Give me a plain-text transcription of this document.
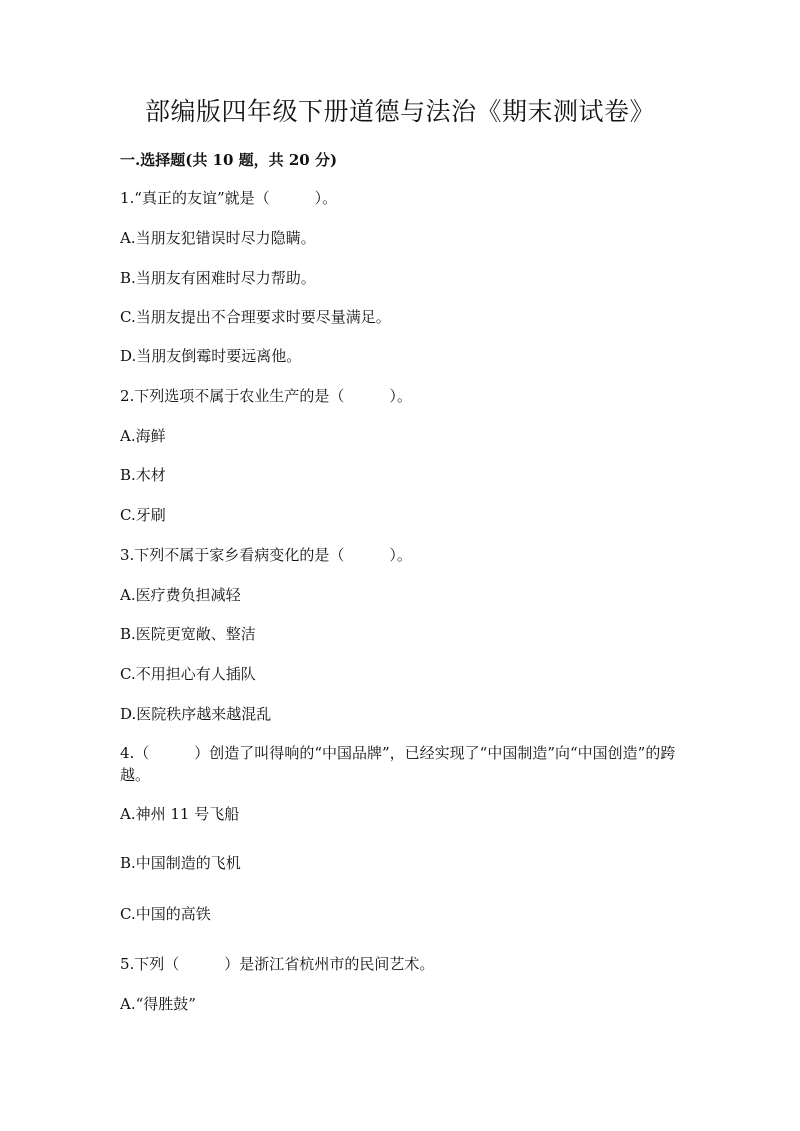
部编版四年级下册道德与法治《期末测试卷》
一.选择题(共 10 题，共 20 分)
1.“真正的友谊”就是（　　　）。
A.当朋友犯错误时尽力隐瞒。
B.当朋友有困难时尽力帮助。
C.当朋友提出不合理要求时要尽量满足。
D.当朋友倒霉时要远离他。
2.下列选项不属于农业生产的是（　　　）。
A.海鲜
B.木材
C.牙刷
3.下列不属于家乡看病变化的是（　　　）。
A.医疗费负担减轻
B.医院更宽敞、整洁
C.不用担心有人插队
D.医院秩序越来越混乱
4.（　　　）创造了叫得响的“中国品牌”，已经实现了“中国制造”向“中国创造”的跨越。
A.神州 11 号飞船
B.中国制造的飞机
C.中国的高铁
5.下列（　　　）是浙江省杭州市的民间艺术。
A.“得胜鼓”
